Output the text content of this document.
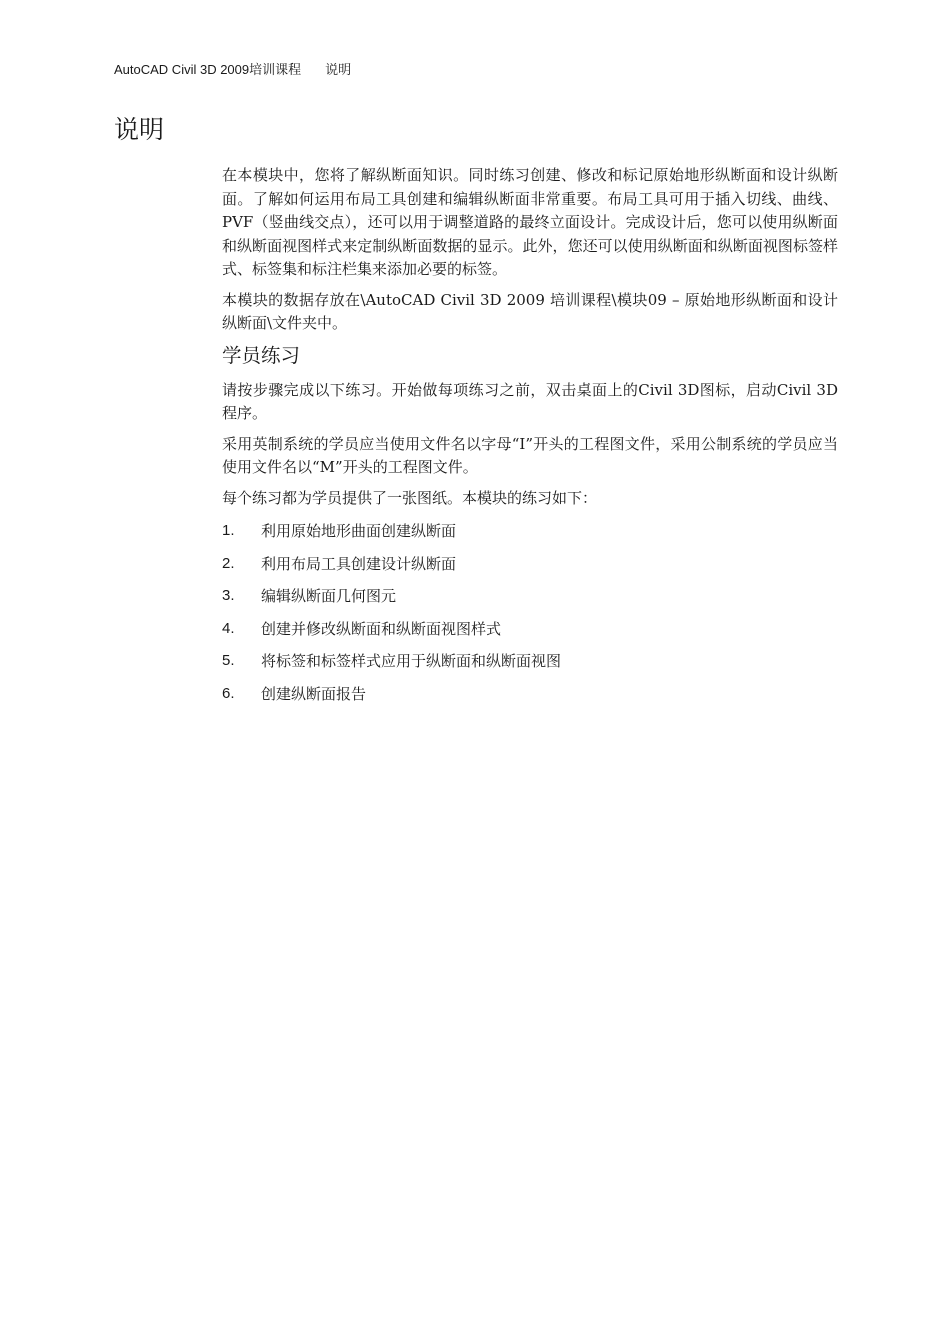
AutoCAD Civil 3D 2009培训课程 说明
说明

在本模块中，您将了解纵断面知识。同时练习创建、修改和标记原始地形纵断面和设计纵断面。了解如何运用布局工具创建和编辑纵断面非常重要。布局工具可用于插入切线、曲线、PVF（竖曲线交点），还可以用于调整道路的最终立面设计。完成设计后，您可以使用纵断面和纵断面视图样式来定制纵断面数据的显示。此外，您还可以使用纵断面和纵断面视图标签样式、标签集和标注栏集来添加必要的标签。

本模块的数据存放在\AutoCAD Civil 3D 2009 培训课程\模块09 – 原始地形纵断面和设计纵断面\文件夹中。

学员练习

请按步骤完成以下练习。开始做每项练习之前，双击桌面上的Civil 3D图标，启动Civil 3D程序。

采用英制系统的学员应当使用文件名以字母“I”开头的工程图文件，采用公制系统的学员应当使用文件名以“M”开头的工程图文件。

每个练习都为学员提供了一张图纸。本模块的练习如下：

1.	利用原始地形曲面创建纵断面
2.	利用布局工具创建设计纵断面
3.	编辑纵断面几何图元
4.	创建并修改纵断面和纵断面视图样式
5.	将标签和标签样式应用于纵断面和纵断面视图
6.	创建纵断面报告
